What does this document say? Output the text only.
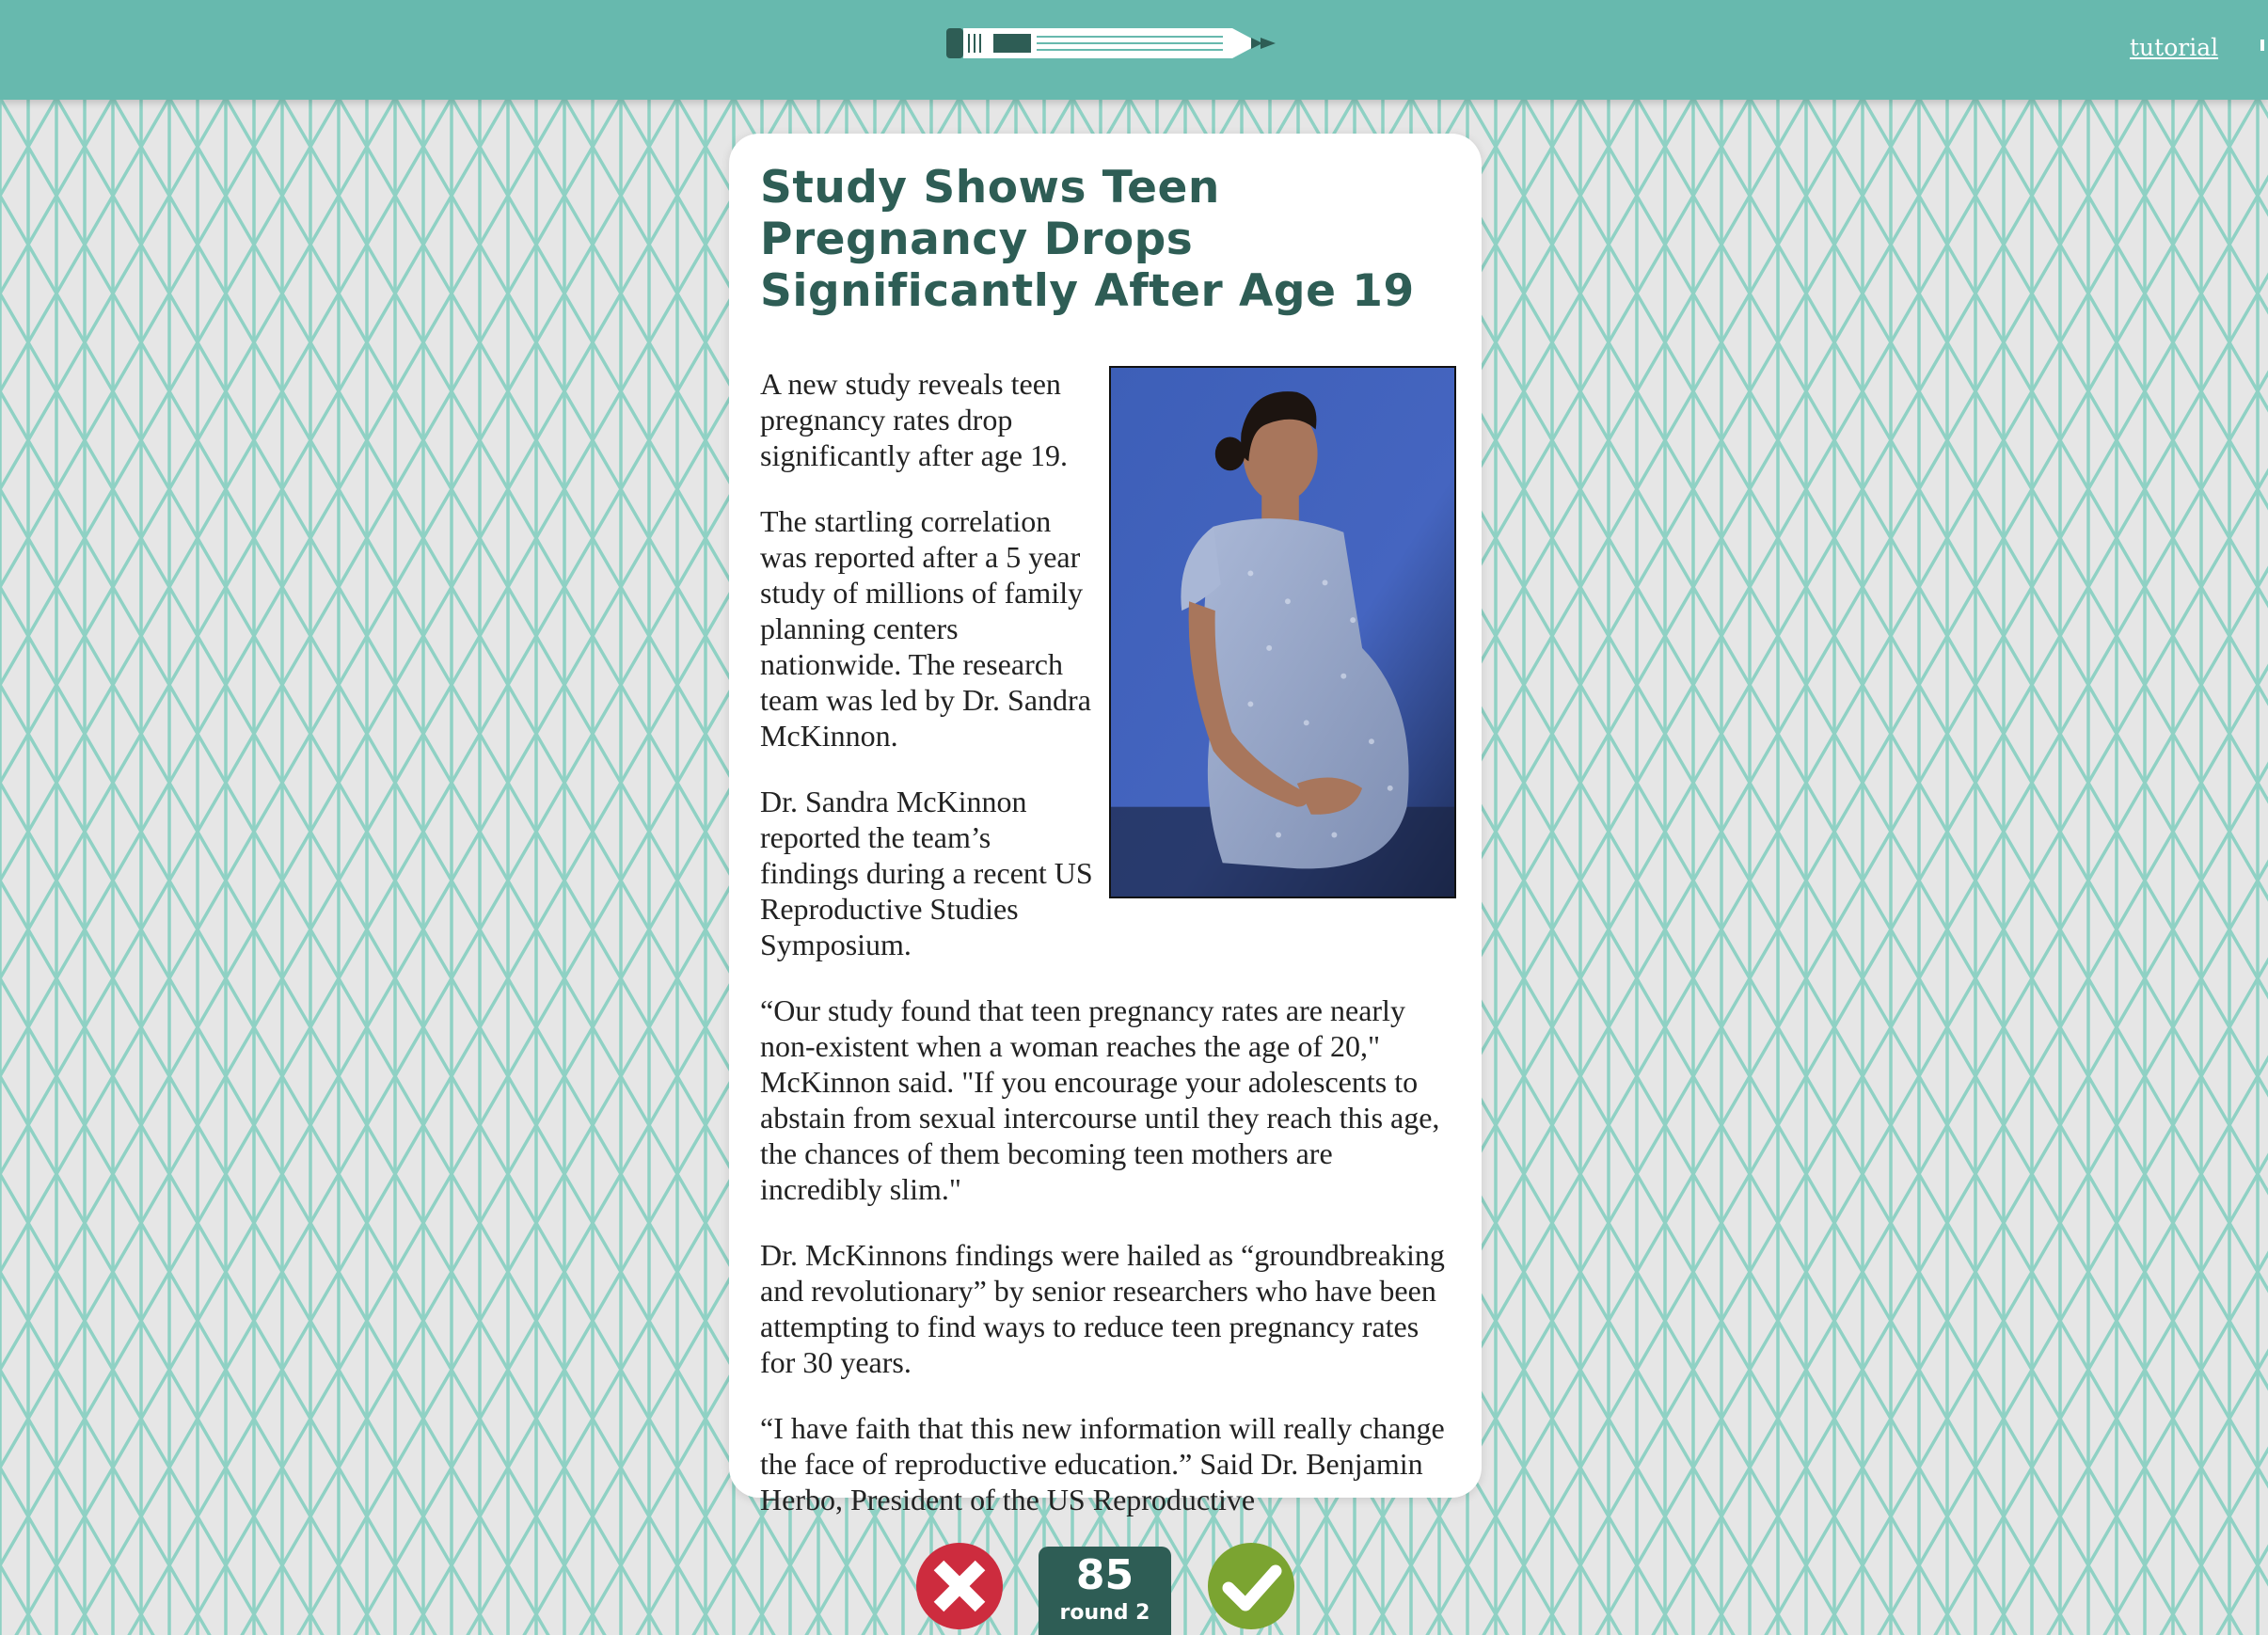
tutorial
Study Shows Teen Pregnancy Drops Significantly After Age 19

A new study reveals teen pregnancy rates drop significantly after age 19.

The startling correlation was reported after a 5 year study of millions of family planning centers nationwide. The research team was led by Dr. Sandra McKinnon.

Dr. Sandra McKinnon reported the team’s findings during a recent US Reproductive Studies Symposium.

“Our study found that teen pregnancy rates are nearly non-existent when a woman reaches the age of 20," McKinnon said. "If you encourage your adolescents to abstain from sexual intercourse until they reach this age, the chances of them becoming teen mothers are incredibly slim."

Dr. McKinnons findings were hailed as “groundbreaking and revolutionary” by senior researchers who have been attempting to find ways to reduce teen pregnancy rates for 30 years.

“I have faith that this new information will really change the face of reproductive education.” Said Dr. Benjamin Herbo, President of the US Reproductive

85
round 2
